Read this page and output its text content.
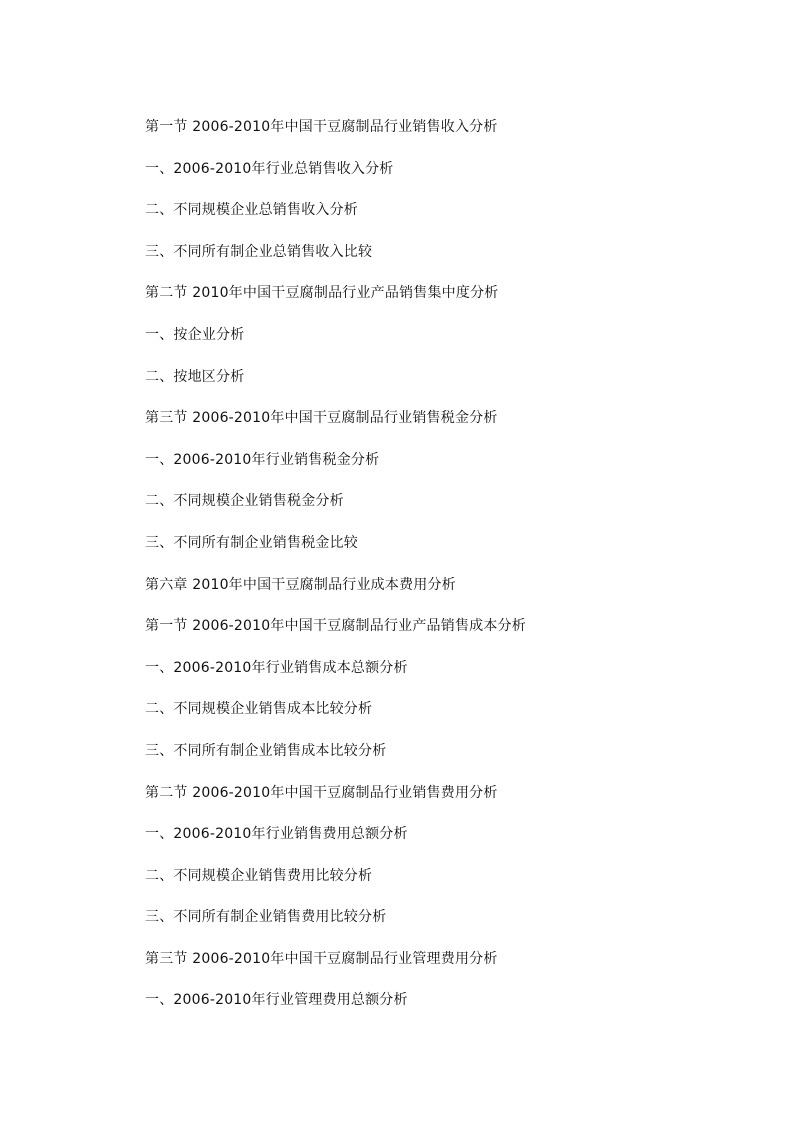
第一节 2006-2010年中国干豆腐制品行业销售收入分析
一、2006-2010年行业总销售收入分析
二、不同规模企业总销售收入分析
三、不同所有制企业总销售收入比较
第二节 2010年中国干豆腐制品行业产品销售集中度分析
一、按企业分析
二、按地区分析
第三节 2006-2010年中国干豆腐制品行业销售税金分析
一、2006-2010年行业销售税金分析
二、不同规模企业销售税金分析
三、不同所有制企业销售税金比较
第六章 2010年中国干豆腐制品行业成本费用分析
第一节 2006-2010年中国干豆腐制品行业产品销售成本分析
一、2006-2010年行业销售成本总额分析
二、不同规模企业销售成本比较分析
三、不同所有制企业销售成本比较分析
第二节 2006-2010年中国干豆腐制品行业销售费用分析
一、2006-2010年行业销售费用总额分析
二、不同规模企业销售费用比较分析
三、不同所有制企业销售费用比较分析
第三节 2006-2010年中国干豆腐制品行业管理费用分析
一、2006-2010年行业管理费用总额分析
